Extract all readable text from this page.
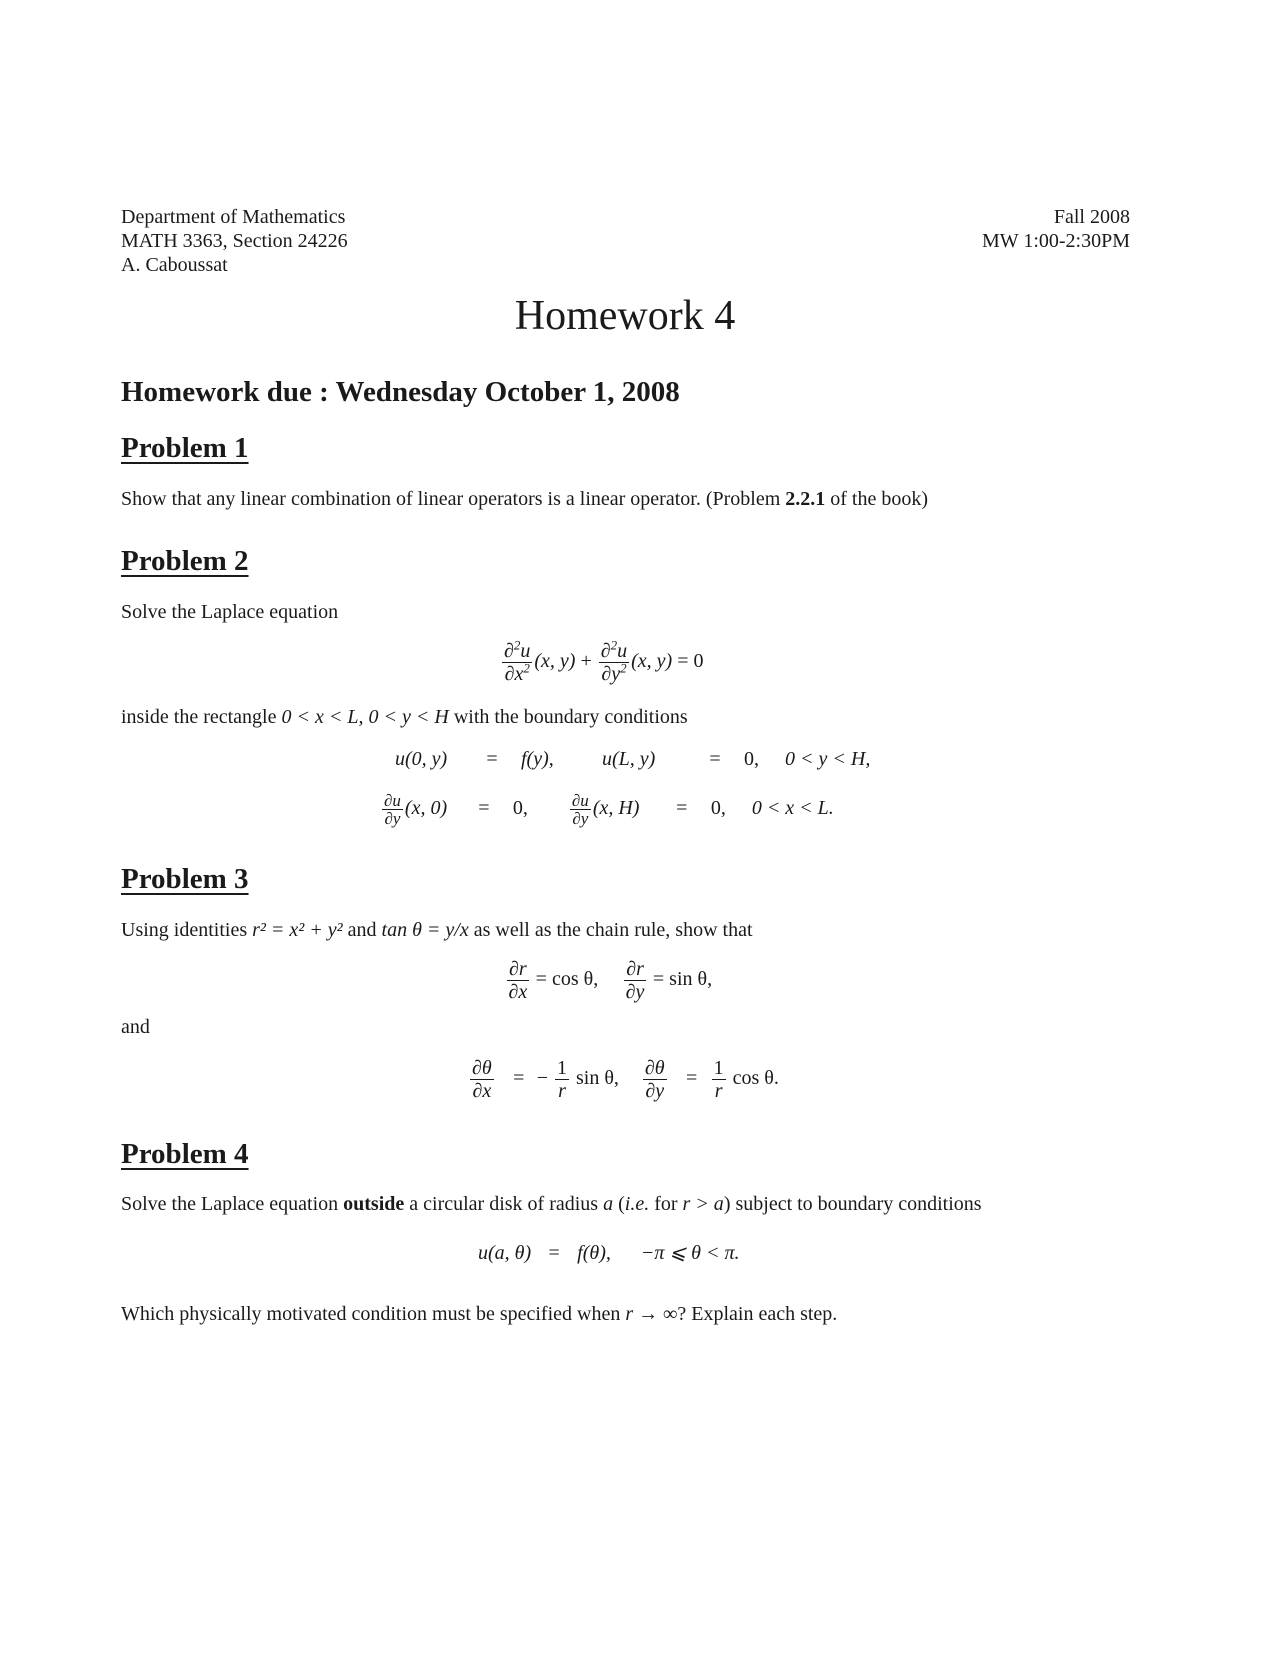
Department of Mathematics
MATH 3363, Section 24226
A. Caboussat
Fall 2008
MW 1:00-2:30PM
Homework 4
Homework due : Wednesday October 1, 2008
Problem 1
Show that any linear combination of linear operators is a linear operator. (Problem 2.2.1 of the book)
Problem 2
Solve the Laplace equation
$\frac{\partial^2u}{\partial x^2} (x$, $y) + \frac{\partial^2u}{\partial y^2} (x$, y) = 0
inside the rectangle 0 < x < L, 0 < y < H with the boundary conditions
u(0, y) = f(y), u(L, y)	= 0, 0 < y < H,
$\frac{\partial u}{\partial y} (x$, 0) = 0, $\frac{\partial u}{\partial y} (x$, H) = 0, 0 < x < L.
Problem 3
Using identities r² = x² + y² and tan θ = y/x as well as the chain rule, show that
$\frac{\partial r}{\partial x} = \cos \theta$, $\frac{\partial r}{\partial y} = \sin \theta$,
and
$\frac{\partial\theta}{\partial x}$ = − $\frac{1}{r}$ sin θ, $\frac{\partial\theta}{\partial y} = \frac{1}{r}$ cos θ.
Problem 4
Solve the Laplace equation outside a circular disk of radius a (i.e. for r > a) subject to boundary conditions
u(a, θ) = f(θ), −π ⩽ θ < π.
Which physically motivated condition must be specified when r → ∞? Explain each step.
